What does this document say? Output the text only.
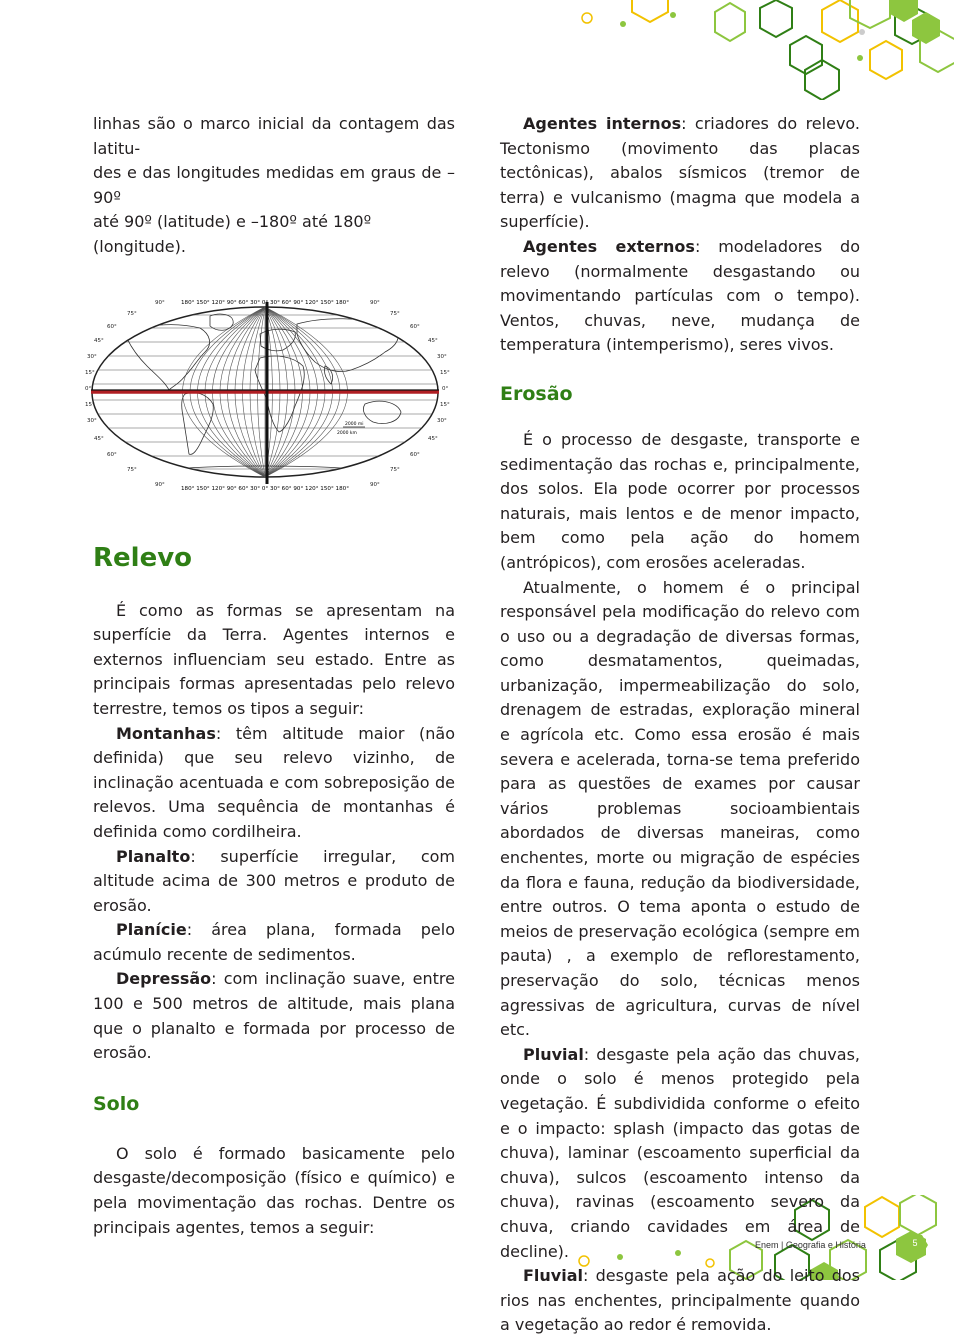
linhas são o marco inicial da contagem das latitu-

des e das longitudes medidas em graus de –90º

até 90º (latitude) e –180º até 180º (longitude).

180° 150° 120° 90° 60° 30° 0° 30° 60° 90° 120° 150° 180°
180° 150° 120° 90° 60° 30° 0° 30° 60° 90° 120° 150° 180°
75°
60°
45°
30°
15°
0°
15°
30°
45°
60°
75°
90°
90°
75°
60°
45°
30°
15°
0°
15°
30°
45°
60°
75°
90°
90°
2000 mi
2000 km
Relevo

É como as formas se apresentam na superfície da Terra. Agentes internos e externos influenciam seu estado. Entre as principais formas apresentadas pelo relevo terrestre, temos os tipos a seguir:

Montanhas: têm altitude maior (não definida) que seu relevo vizinho, de inclinação acentuada e com sobreposição de relevos. Uma sequência de montanhas é definida como cordilheira.

Planalto: superfície irregular, com altitude acima de 300 metros e produto de erosão.

Planície: área plana, formada pelo acúmulo recente de sedimentos.

Depressão: com inclinação suave, entre 100 e 500 metros de altitude, mais plana que o planalto e formada por processo de erosão.

Solo

O solo é formado basicamente pelo desgaste/decomposição (físico e químico) e pela movimentação das rochas. Dentre os principais agentes, temos a seguir:

Agentes internos: criadores do relevo. Tectonismo (movimento das placas tectônicas), abalos sísmicos (tremor de terra) e vulcanismo (magma que modela a superfície).

Agentes externos: modeladores do relevo (normalmente desgastando ou movimentando partículas com o tempo). Ventos, chuvas, neve, mudança de temperatura (intemperismo), seres vivos.

Erosão

É o processo de desgaste, transporte e sedimentação das rochas e, principalmente, dos solos. Ela pode ocorrer por processos naturais, mais lentos e de menor impacto, bem como pela ação do homem (antrópicos), com erosões aceleradas.

Atualmente, o homem é o principal responsável pela modificação do relevo com o uso ou a degradação de diversas formas, como desmatamentos, queimadas, urbanização, impermeabilização do solo, drenagem de estradas, exploração mineral e agrícola etc. Como essa erosão é mais severa e acelerada, torna-se tema preferido para as questões de exames por causar vários problemas socioambientais abordados de diversas maneiras, como enchentes, morte ou migração de espécies da flora e fauna, redução da biodiversidade, entre outros. O tema aponta o estudo de meios de preservação ecológica (sempre em pauta) , a exemplo de reflorestamento, preservação do solo, técnicas menos agressivas de agricultura, curvas de nível etc.

Pluvial: desgaste pela ação das chuvas, onde o solo é menos protegido pela vegetação. É subdividida conforme o efeito e o impacto: splash (impacto das gotas de chuva), laminar (escoamento superficial da chuva), sulcos (escoamento intenso da chuva), ravinas (escoamento severo da chuva, criando cavidades em área de decline).

Fluvial: desgaste pela ação do leito dos rios nas enchentes, principalmente quando a vegetação ao redor é removida.

Enem | Geografia e História	5
